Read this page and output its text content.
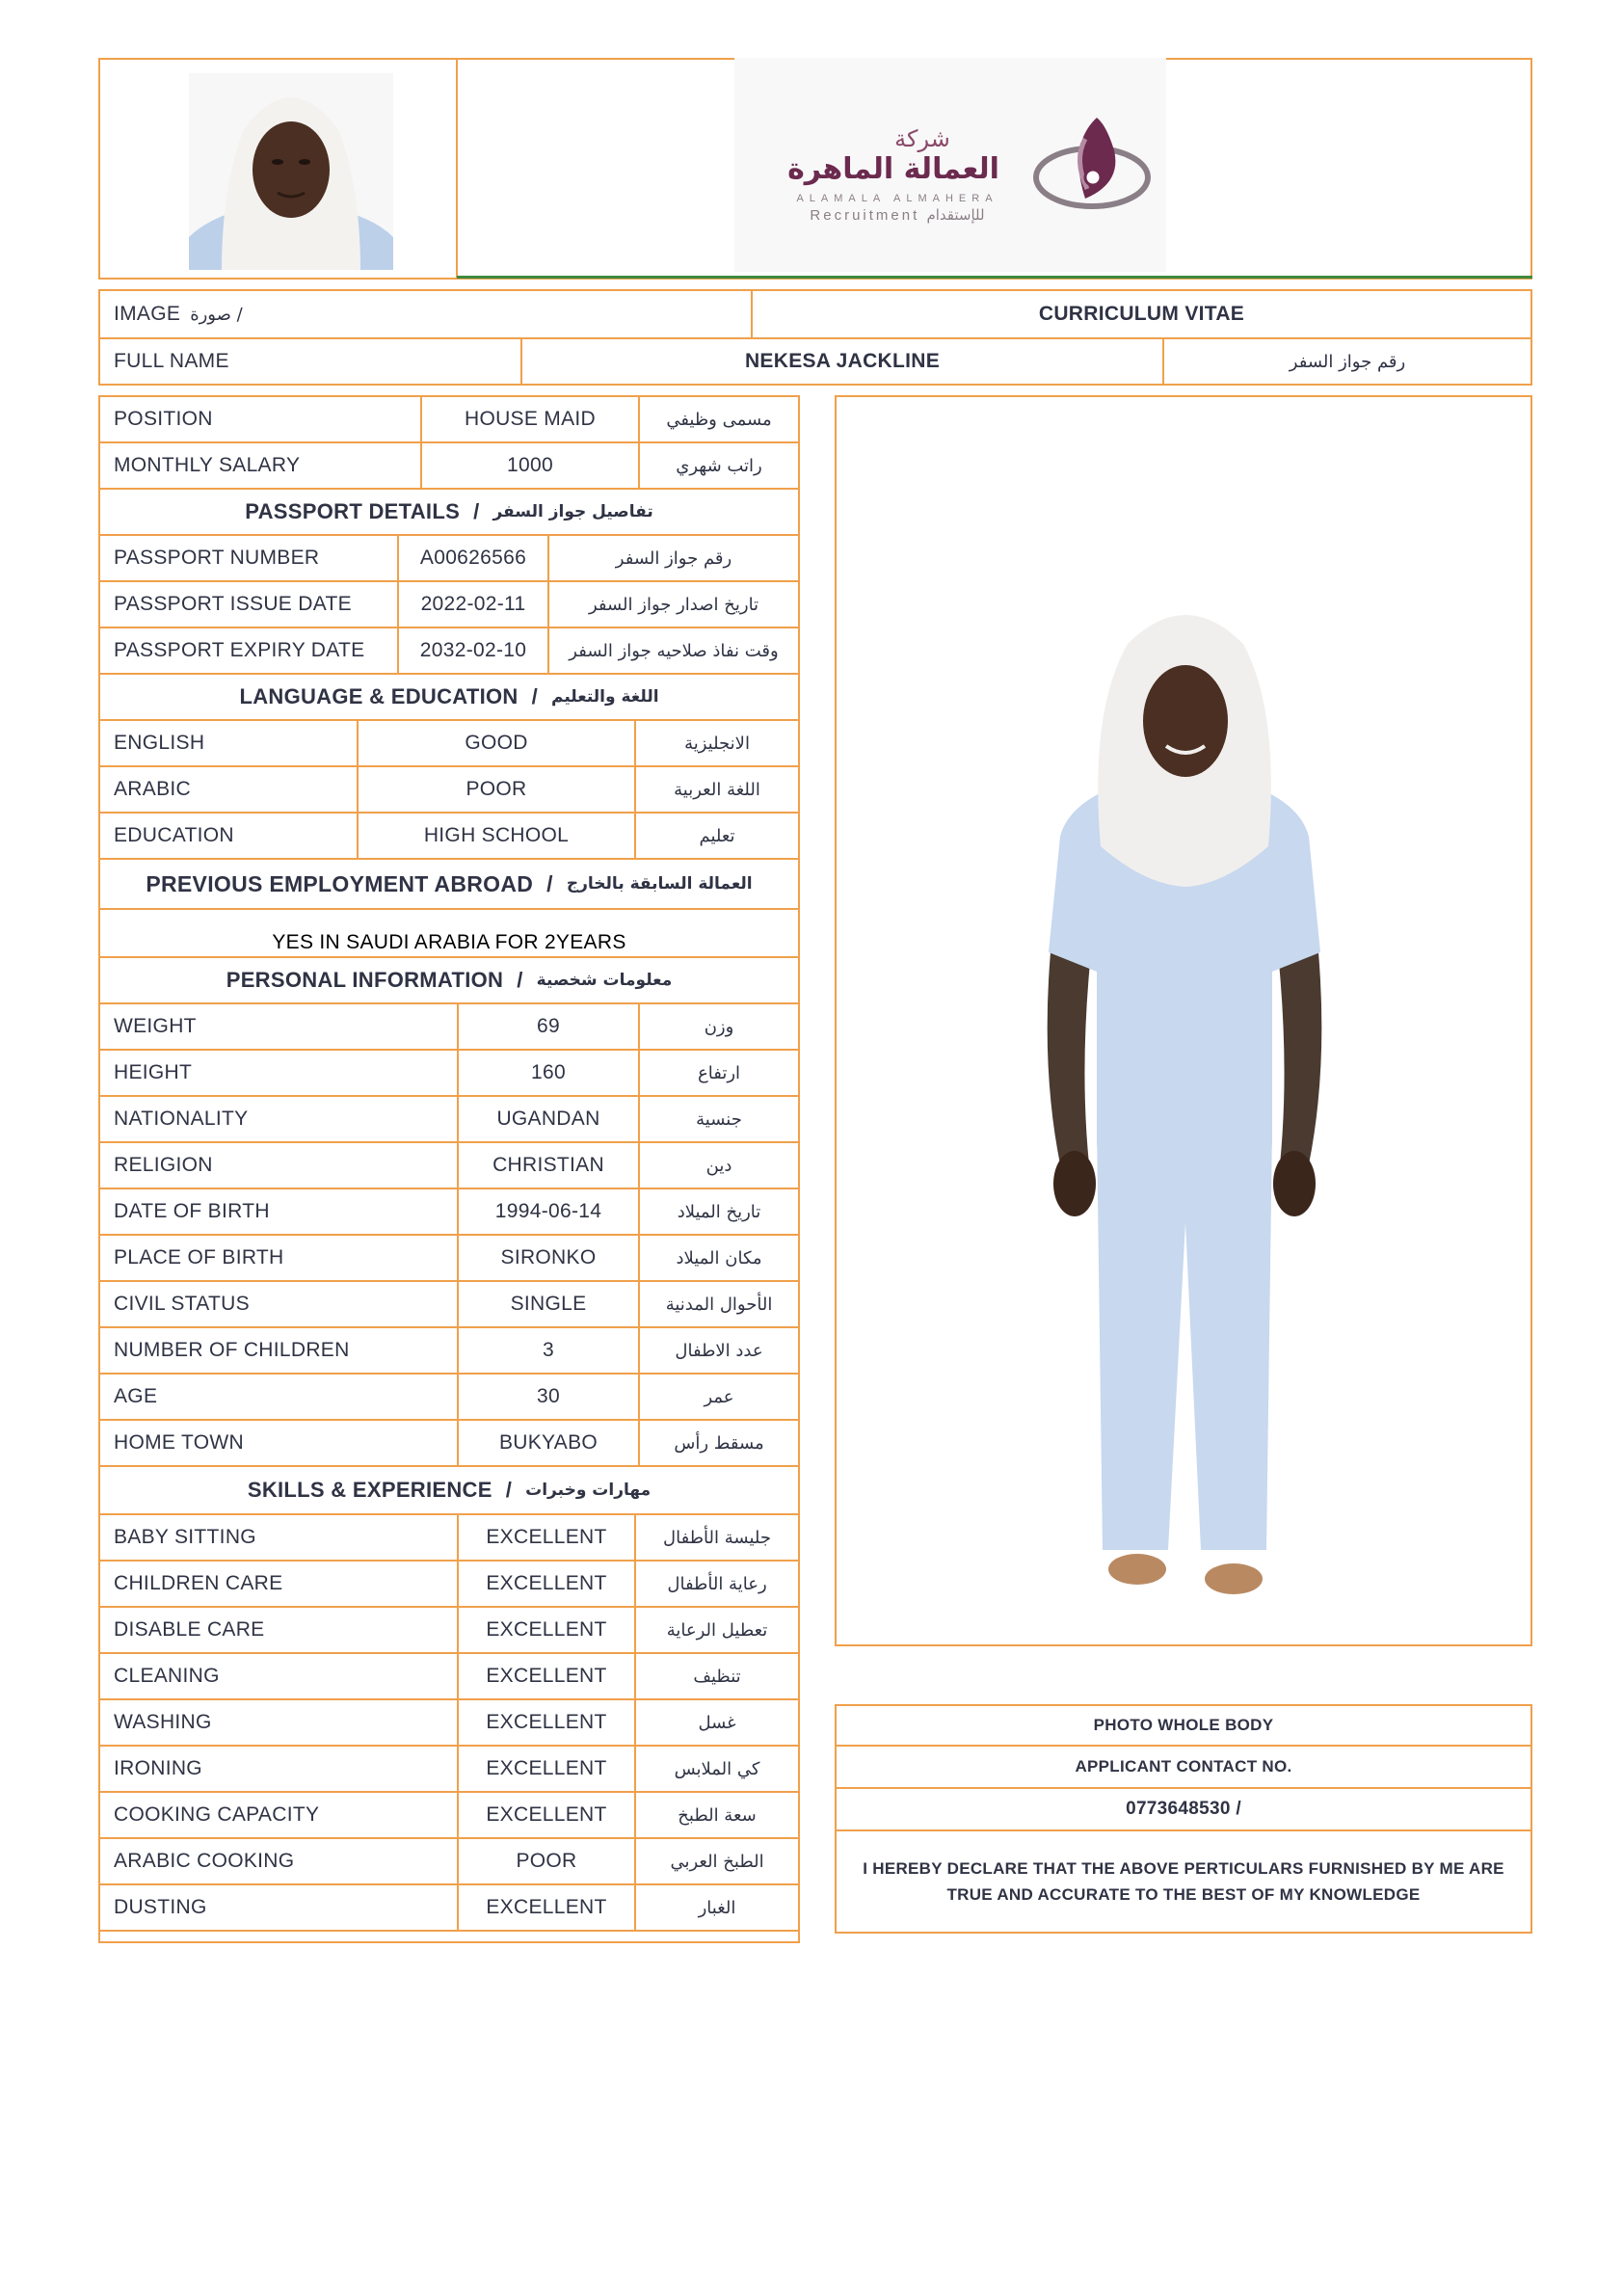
شركة
العمالة الماهرة
ALAMALA ALMAHERA
Recruitment للإستقدام
IMAGE / صورة	CURRICULUM VITAE
FULL NAME	NEKESA JACKLINE	رقم جواز السفر
POSITION	HOUSE MAID	مسمى وظيفي
MONTHLY SALARY	1000	راتب شهري
PASSPORT DETAILS / تفاصيل جواز السفر
PASSPORT NUMBER	A00626566	رقم جواز السفر
PASSPORT ISSUE DATE	2022-02-11	تاريخ اصدار جواز السفر
PASSPORT EXPIRY DATE	2032-02-10	وقت نفاذ صلاحيه جواز السفر
LANGUAGE & EDUCATION / اللغة والتعليم
ENGLISH	GOOD	الانجليزية
ARABIC	POOR	اللغة العربية
EDUCATION	HIGH SCHOOL	تعليم
PREVIOUS EMPLOYMENT ABROAD / العمالة السابقة بالخارج
YES IN SAUDI ARABIA FOR 2YEARS
PERSONAL INFORMATION / معلومات شخصية
WEIGHT	69	وزن
HEIGHT	160	ارتفاع
NATIONALITY	UGANDAN	جنسية
RELIGION	CHRISTIAN	دين
DATE OF BIRTH	1994-06-14	تاريخ الميلاد
PLACE OF BIRTH	SIRONKO	مكان الميلاد
CIVIL STATUS	SINGLE	الأحوال المدنية
NUMBER OF CHILDREN	3	عدد الاطفال
AGE	30	عمر
HOME TOWN	BUKYABO	مسقط رأس
SKILLS & EXPERIENCE / مهارات وخبرات
BABY SITTING	EXCELLENT	جليسة الأطفال
CHILDREN CARE	EXCELLENT	رعاية الأطفال
DISABLE CARE	EXCELLENT	تعطيل الرعاية
CLEANING	EXCELLENT	تنظيف
WASHING	EXCELLENT	غسل
IRONING	EXCELLENT	كي الملابس
COOKING CAPACITY	EXCELLENT	سعة الطبخ
ARABIC COOKING	POOR	الطبخ العربي
DUSTING	EXCELLENT	الغبار
PHOTO WHOLE BODY
APPLICANT CONTACT NO.
0773648530 /
I HEREBY DECLARE THAT THE ABOVE PERTICULARS FURNISHED BY ME ARE TRUE AND ACCURATE TO THE BEST OF MY KNOWLEDGE
